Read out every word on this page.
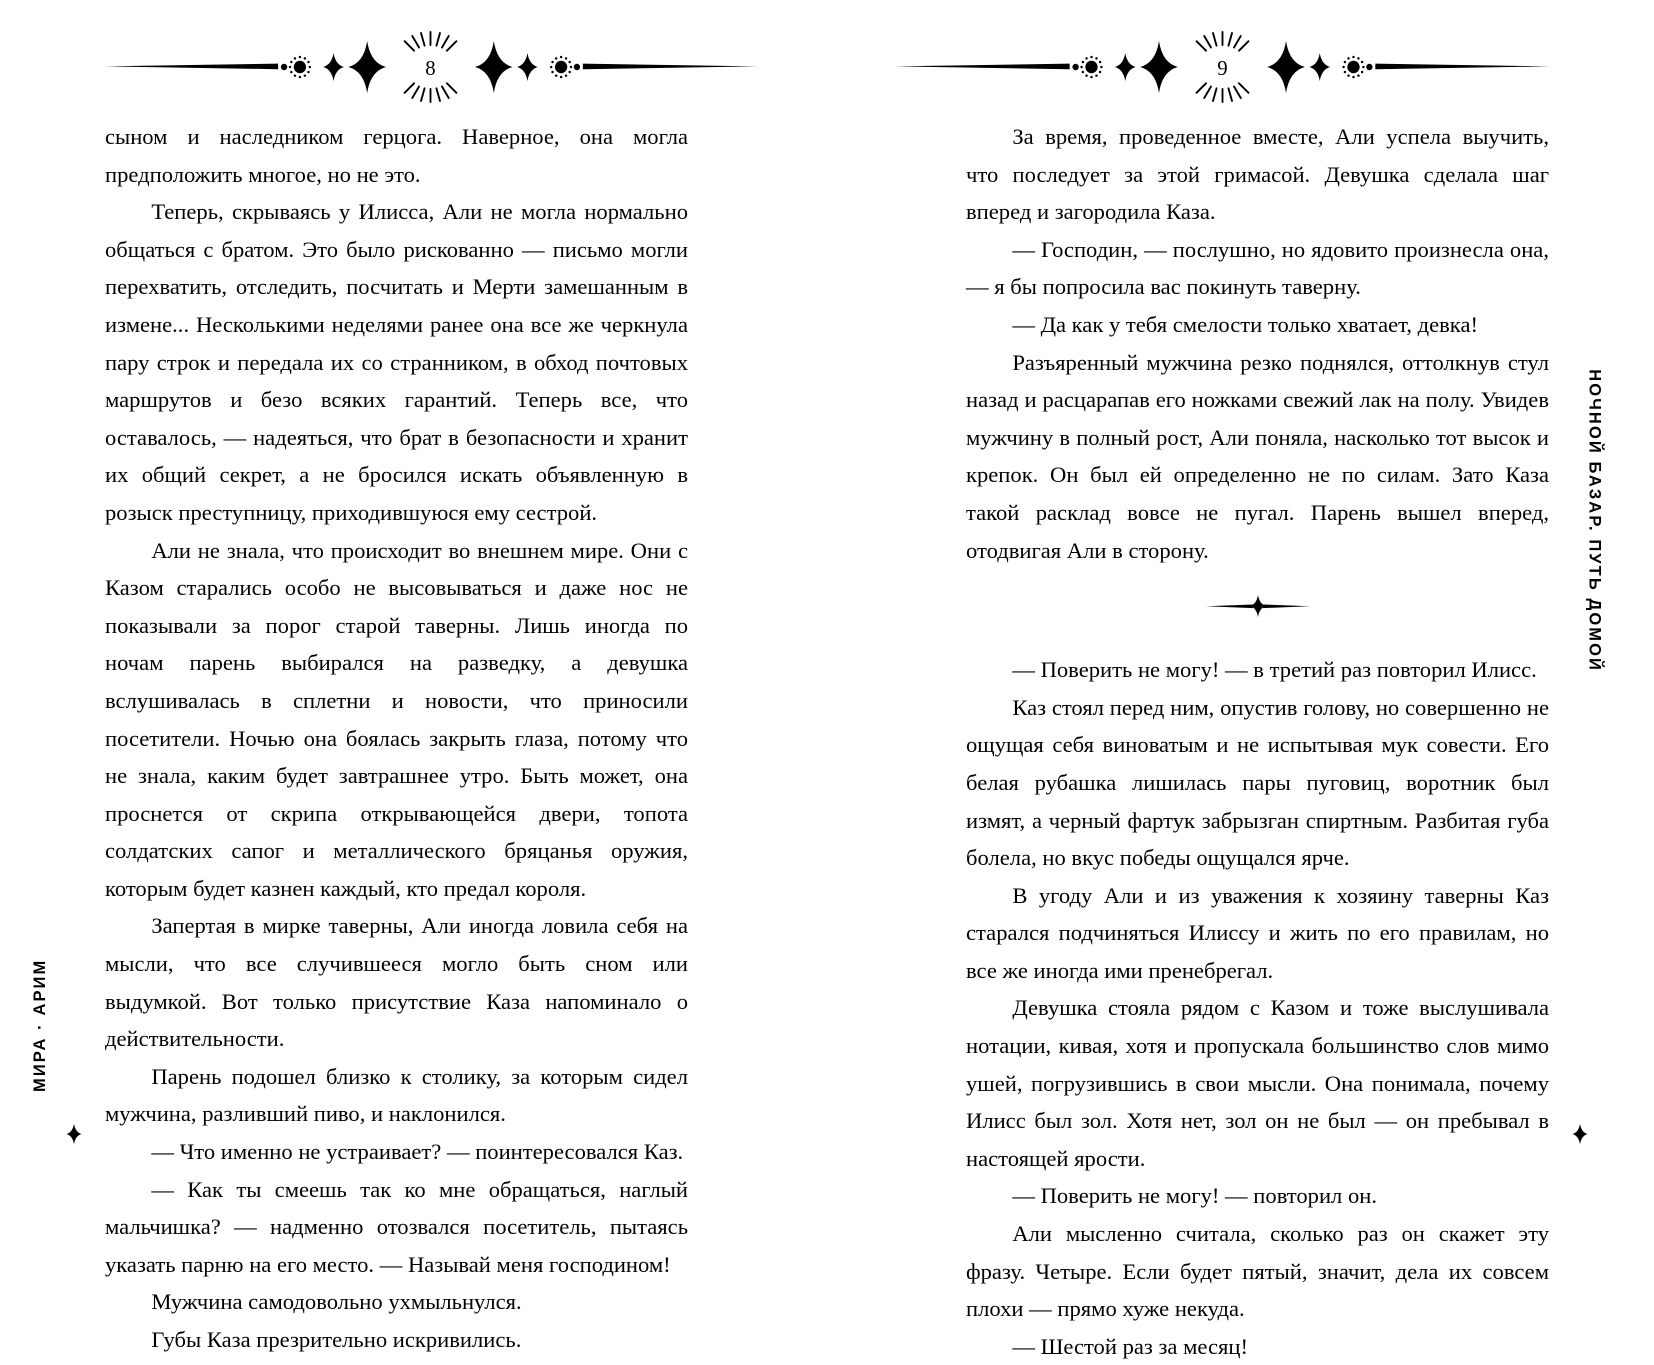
8

сыном и наследником герцога. Наверное, она могла предположить многое, но не это.

Теперь, скрываясь у Илисса, Али не могла нормально общаться с братом. Это было рискованно — письмо могли перехватить, отследить, посчитать и Мерти замешанным в измене... Несколькими неделями ранее она все же черкнула пару строк и передала их со странником, в обход почтовых маршрутов и безо всяких гарантий. Теперь все, что оставалось, — надеяться, что брат в безопасности и хранит их общий секрет, а не бросился искать объявленную в розыск преступницу, приходившуюся ему сестрой.

Али не знала, что происходит во внешнем мире. Они с Казом старались особо не высовываться и даже нос не показывали за порог старой таверны. Лишь иногда по ночам парень выбирался на разведку, а девушка вслушивалась в сплетни и новости, что приносили посетители. Ночью она боялась закрыть глаза, потому что не знала, каким будет завтрашнее утро. Быть может, она проснется от скрипа открывающейся двери, топота солдатских сапог и металлического бряцанья оружия, которым будет казнен каждый, кто предал короля.

Запертая в мирке таверны, Али иногда ловила себя на мысли, что все случившееся могло быть сном или выдумкой. Вот только присутствие Каза напоминало о действительности.

Парень подошел близко к столику, за которым сидел мужчина, разливший пиво, и наклонился.

— Что именно не устраивает? — поинтересовался Каз.

— Как ты смеешь так ко мне обращаться, наглый мальчишка? — надменно отозвался посетитель, пытаясь указать парню на его место. — Называй меня господином!

Мужчина самодовольно ухмыльнулся.

Губы Каза презрительно искривились.

МИРА · АРИМ
9

За время, проведенное вместе, Али успела выучить, что последует за этой гримасой. Девушка сделала шаг вперед и загородила Каза.

— Господин, — послушно, но ядовито произнесла она, — я бы попросила вас покинуть таверну.

— Да как у тебя смелости только хватает, девка!

Разъяренный мужчина резко поднялся, оттолкнув стул назад и расцарапав его ножками свежий лак на полу. Увидев мужчину в полный рост, Али поняла, насколько тот высок и крепок. Он был ей определенно не по силам. Зато Каза такой расклад вовсе не пугал. Парень вышел вперед, отодвигая Али в сторону.

— Поверить не могу! — в третий раз повторил Илисс.

Каз стоял перед ним, опустив голову, но совершенно не ощущая себя виноватым и не испытывая мук совести. Его белая рубашка лишилась пары пуговиц, воротник был измят, а черный фартук забрызган спиртным. Разбитая губа болела, но вкус победы ощущался ярче.

В угоду Али и из уважения к хозяину таверны Каз старался подчиняться Илиссу и жить по его правилам, но все же иногда ими пренебрегал.

Девушка стояла рядом с Казом и тоже выслушивала нотации, кивая, хотя и пропускала большинство слов мимо ушей, погрузившись в свои мысли. Она понимала, почему Илисс был зол. Хотя нет, зол он не был — он пребывал в настоящей ярости.

— Поверить не могу! — повторил он.

Али мысленно считала, сколько раз он скажет эту фразу. Четыре. Если будет пятый, значит, дела их совсем плохи — прямо хуже некуда.

— Шестой раз за месяц!

НОЧНОЙ БАЗАР. ПУТЬ ДОМОЙ
